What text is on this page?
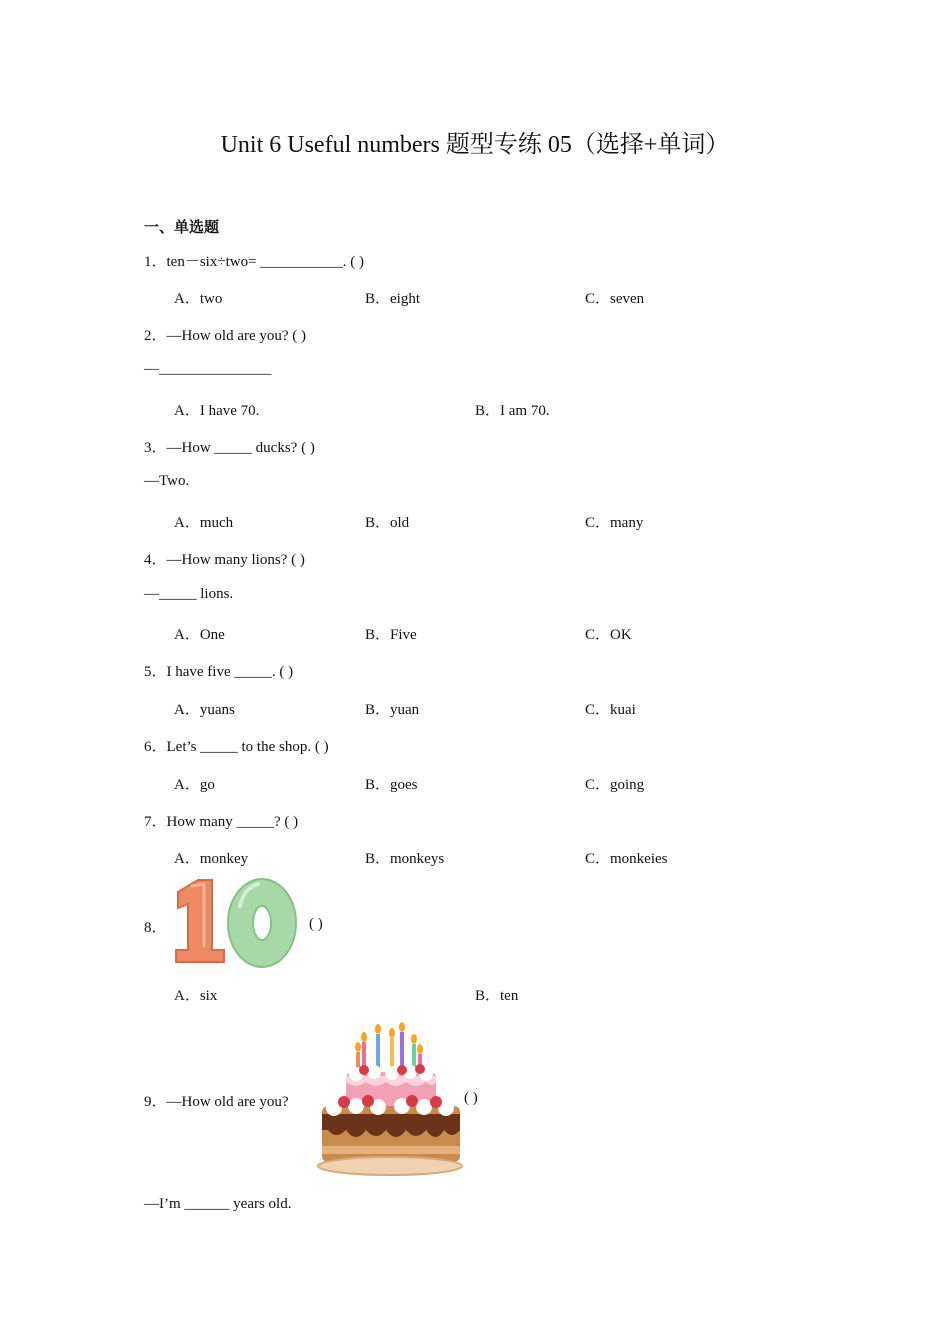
Unit 6 Useful numbers 题型专练 05（选择+单词）
一、单选题
1．ten－six÷two= ___________. ( )
A．two	B．eight	C．seven
2．—How old are you? ( )
—_______________
A．I have 70.	B．I am 70.
3．—How _____ ducks? ( )
—Two.
A．much	B．old	C．many
4．—How many lions? ( )
—_____ lions.
A．One	B．Five	C．OK
5．I have five _____. ( )
A．yuans	B．yuan	C．kuai
6．Let’s _____ to the shop. ( )
A．go	B．goes	C．going
7．How many _____? ( )
A．monkey	B．monkeys	C．monkeies
8．	( )
A．six	B．ten
9．—How old are you?	( )
—I’m ______ years old.
